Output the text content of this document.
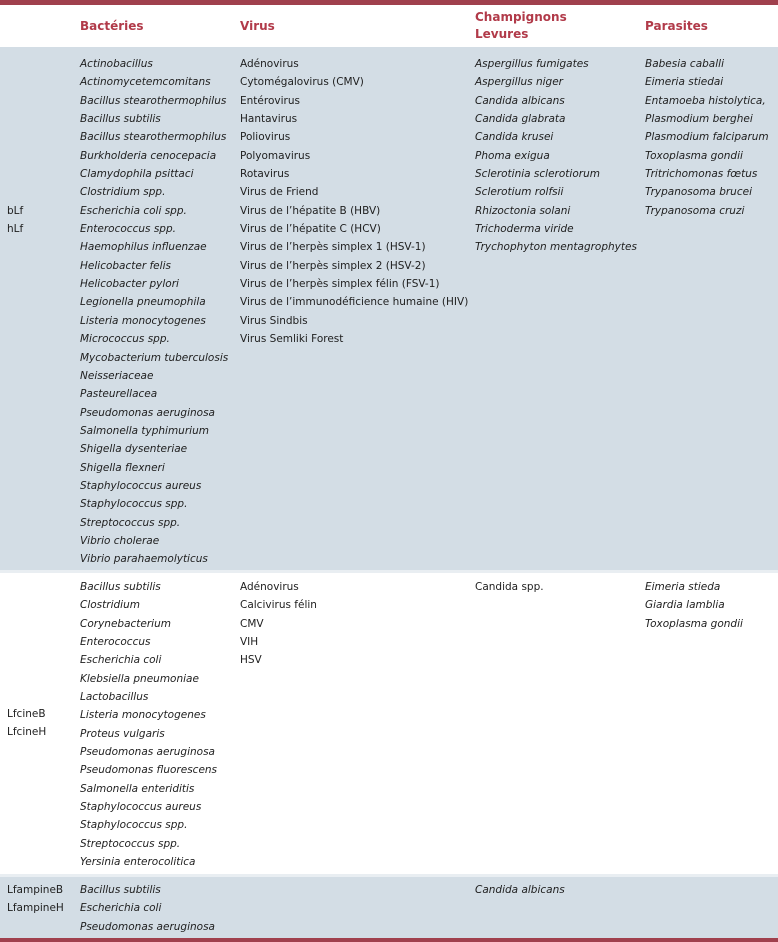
Bactéries	Virus
Champignons
Levures
Parasites
bLf
hLf
Actinobacillus
Actinomycetemcomitans
Bacillus stearothermophilus
Bacillus subtilis
Bacillus stearothermophilus
Burkholderia cenocepacia
Clamydophila psittaci
Clostridium spp.
Escherichia coli spp.
Enterococcus spp.
Haemophilus influenzae
Helicobacter felis
Helicobacter pylori
Legionella pneumophila
Listeria monocytogenes
Micrococcus spp.
Mycobacterium tuberculosis
Neisseriaceae
Pasteurellacea
Pseudomonas aeruginosa
Salmonella typhimurium
Shigella dysenteriae
Shigella flexneri
Staphylococcus aureus
Staphylococcus spp.
Streptococcus spp.
Vibrio cholerae
Vibrio parahaemolyticus
Adénovirus
Cytomégalovirus (CMV)
Entérovirus
Hantavirus
Poliovirus
Polyomavirus
Rotavirus
Virus de Friend
Virus de l’hépatite B (HBV)
Virus de l’hépatite C (HCV)
Virus de l’herpès simplex 1 (HSV-1)
Virus de l’herpès simplex 2 (HSV-2)
Virus de l’herpès simplex félin (FSV-1)
Virus de l’immunodéficience humaine (HIV)
Virus Sindbis
Virus Semliki Forest
Aspergillus fumigates
Aspergillus niger
Candida albicans
Candida glabrata
Candida krusei
Phoma exigua
Sclerotinia sclerotiorum
Sclerotium rolfsii
Rhizoctonia solani
Trichoderma viride
Trychophyton mentagrophytes
Babesia caballi
Eimeria stiedai
Entamoeba histolytica,
Plasmodium berghei
Plasmodium falciparum
Toxoplasma gondii
Tritrichomonas fœtus
Trypanosoma brucei
Trypanosoma cruzi
LfcineB
LfcineH
Bacillus subtilis
Clostridium
Corynebacterium
Enterococcus
Escherichia coli
Klebsiella pneumoniae
Lactobacillus
Listeria monocytogenes
Proteus vulgaris
Pseudomonas aeruginosa
Pseudomonas fluorescens
Salmonella enteriditis
Staphylococcus aureus
Staphylococcus spp.
Streptococcus spp.
Yersinia enterocolitica
Adénovirus
Calcivirus félin
CMV
VIH
HSV
Candida spp.	Eimeria stieda
Giardia lamblia
Toxoplasma gondii
LfampineB
LfampineH
Bacillus subtilis
Escherichia coli
Pseudomonas aeruginosa
Candida albicans
